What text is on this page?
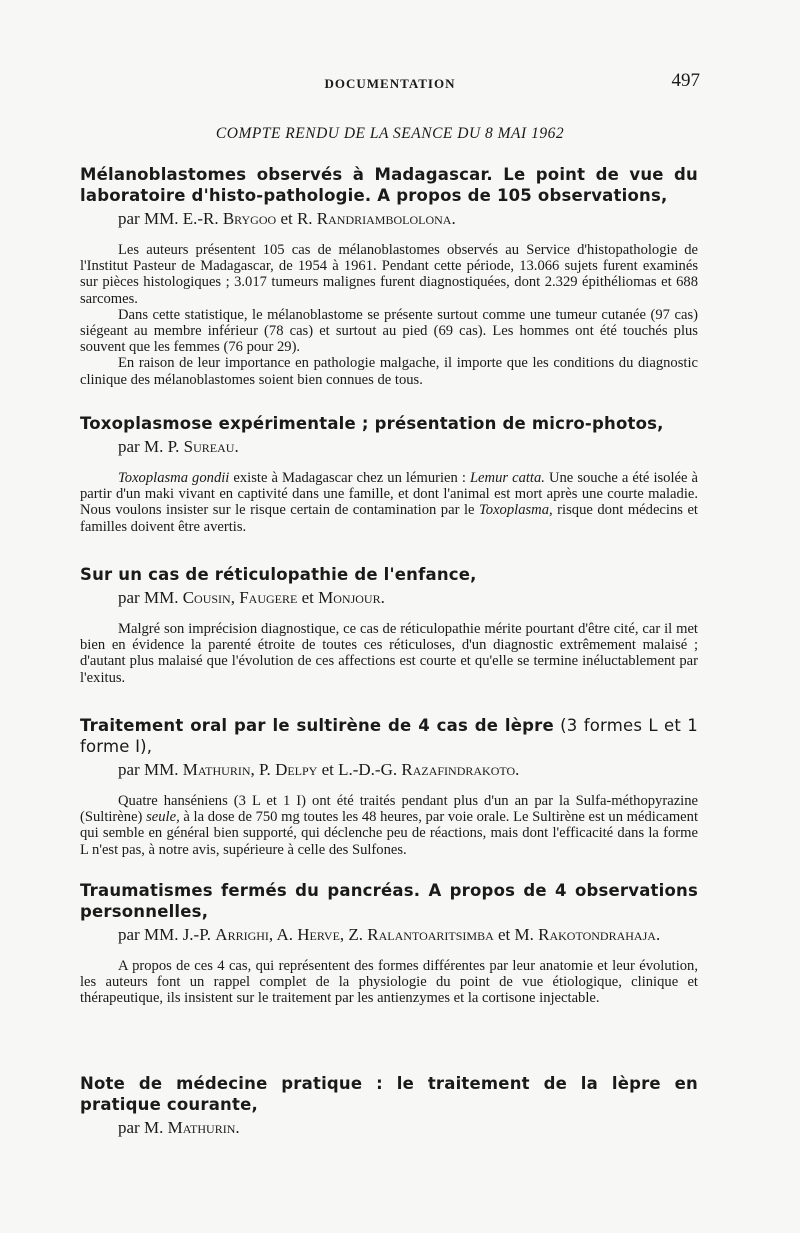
DOCUMENTATION	497
COMPTE RENDU DE LA SEANCE DU 8 MAI 1962
Mélanoblastomes observés à Madagascar. Le point de vue du laboratoire d'histo-pathologie. A propos de 105 observations,
par MM. E.-R. Brygoo et R. Randriambololona.

Les auteurs présentent 105 cas de mélanoblastomes observés au Service d'histopathologie de l'Institut Pasteur de Madagascar, de 1954 à 1961. Pendant cette période, 13.066 sujets furent examinés sur pièces histologiques ; 3.017 tumeurs malignes furent diagnostiquées, dont 2.329 épithéliomas et 688 sarcomes.

Dans cette statistique, le mélanoblastome se présente surtout comme une tumeur cutanée (97 cas) siégeant au membre inférieur (78 cas) et surtout au pied (69 cas). Les hommes ont été touchés plus souvent que les femmes (76 pour 29).

En raison de leur importance en pathologie malgache, il importe que les conditions du diagnostic clinique des mélanoblastomes soient bien connues de tous.

Toxoplasmose expérimentale ; présentation de micro-photos,
par M. P. Sureau.

Toxoplasma gondii existe à Madagascar chez un lémurien : Lemur catta. Une souche a été isolée à partir d'un maki vivant en captivité dans une famille, et dont l'animal est mort après une courte maladie. Nous voulons insister sur le risque certain de contamination par le Toxoplasma, risque dont médecins et familles doivent être avertis.

Sur un cas de réticulopathie de l'enfance,
par MM. Cousin, Faugere et Monjour.

Malgré son imprécision diagnostique, ce cas de réticulopathie mérite pourtant d'être cité, car il met bien en évidence la parenté étroite de toutes ces réticuloses, d'un diagnostic extrêmement malaisé ; d'autant plus malaisé que l'évolution de ces affections est courte et qu'elle se termine inéluctablement par l'exitus.

Traitement oral par le sultirène de 4 cas de lèpre (3 formes L et 1 forme I),
par MM. Mathurin, P. Delpy et L.-D.-G. Razafindrakoto.

Quatre hanséniens (3 L et 1 I) ont été traités pendant plus d'un an par la Sulfa-méthopyrazine (Sultirène) seule, à la dose de 750 mg toutes les 48 heures, par voie orale. Le Sultirène est un médicament qui semble en général bien supporté, qui déclenche peu de réactions, mais dont l'efficacité dans la forme L n'est pas, à notre avis, supérieure à celle des Sulfones.

Traumatismes fermés du pancréas. A propos de 4 observations personnelles,
par MM. J.-P. Arrighi, A. Herve, Z. Ralantoaritsimba et M. Rakotondrahaja.

A propos de ces 4 cas, qui représentent des formes différentes par leur anatomie et leur évolution, les auteurs font un rappel complet de la physiologie du point de vue étiologique, clinique et thérapeutique, ils insistent sur le traitement par les antienzymes et la cortisone injectable.

Note de médecine pratique : le traitement de la lèpre en pratique courante,
par M. Mathurin.
